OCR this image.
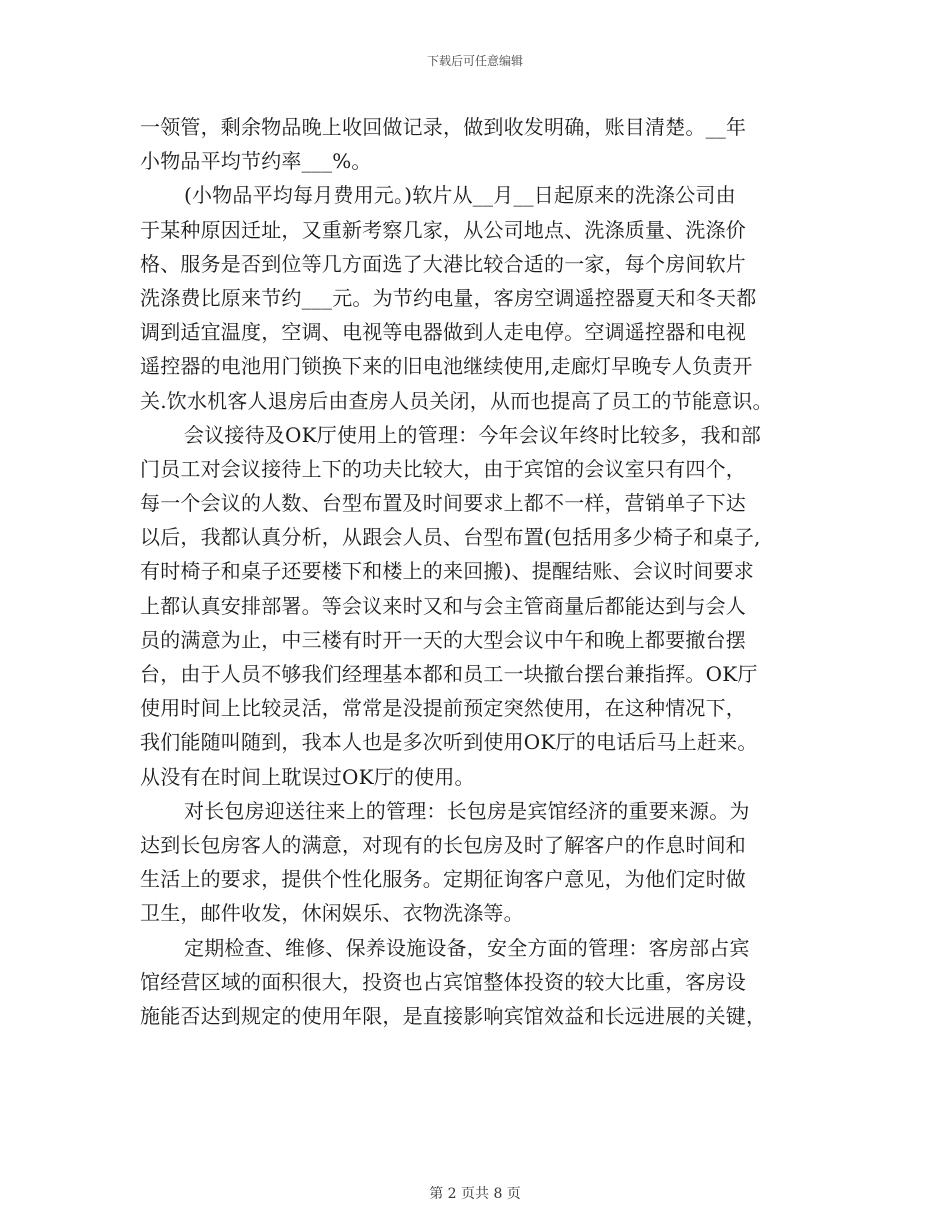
下载后可任意编辑
一领管，剩余物品晚上收回做记录，做到收发明确，账目清楚。__年
小物品平均节约率___%。
(小物品平均每月费用元。)软片从__月__日起原来的洗涤公司由
于某种原因迁址，又重新考察几家，从公司地点、洗涤质量、洗涤价
格、服务是否到位等几方面选了大港比较合适的一家，每个房间软片
洗涤费比原来节约___元。为节约电量，客房空调遥控器夏天和冬天都
调到适宜温度，空调、电视等电器做到人走电停。空调遥控器和电视
遥控器的电池用门锁换下来的旧电池继续使用,走廊灯早晚专人负责开
关.饮水机客人退房后由查房人员关闭，从而也提高了员工的节能意识。
会议接待及OK厅使用上的管理：今年会议年终时比较多，我和部
门员工对会议接待上下的功夫比较大，由于宾馆的会议室只有四个，
每一个会议的人数、台型布置及时间要求上都不一样，营销单子下达
以后，我都认真分析，从跟会人员、台型布置(包括用多少椅子和桌子,
有时椅子和桌子还要楼下和楼上的来回搬)、提醒结账、会议时间要求
上都认真安排部署。等会议来时又和与会主管商量后都能达到与会人
员的满意为止，中三楼有时开一天的大型会议中午和晚上都要撤台摆
台，由于人员不够我们经理基本都和员工一块撤台摆台兼指挥。OK厅
使用时间上比较灵活，常常是没提前预定突然使用，在这种情况下，
我们能随叫随到，我本人也是多次听到使用OK厅的电话后马上赶来。
从没有在时间上耽误过OK厅的使用。
对长包房迎送往来上的管理：长包房是宾馆经济的重要来源。为
达到长包房客人的满意，对现有的长包房及时了解客户的作息时间和
生活上的要求，提供个性化服务。定期征询客户意见，为他们定时做
卫生，邮件收发，休闲娱乐、衣物洗涤等。
定期检查、维修、保养设施设备，安全方面的管理：客房部占宾
馆经营区域的面积很大，投资也占宾馆整体投资的较大比重，客房设
施能否达到规定的使用年限，是直接影响宾馆效益和长远进展的关键，
第 2 页共 8 页
